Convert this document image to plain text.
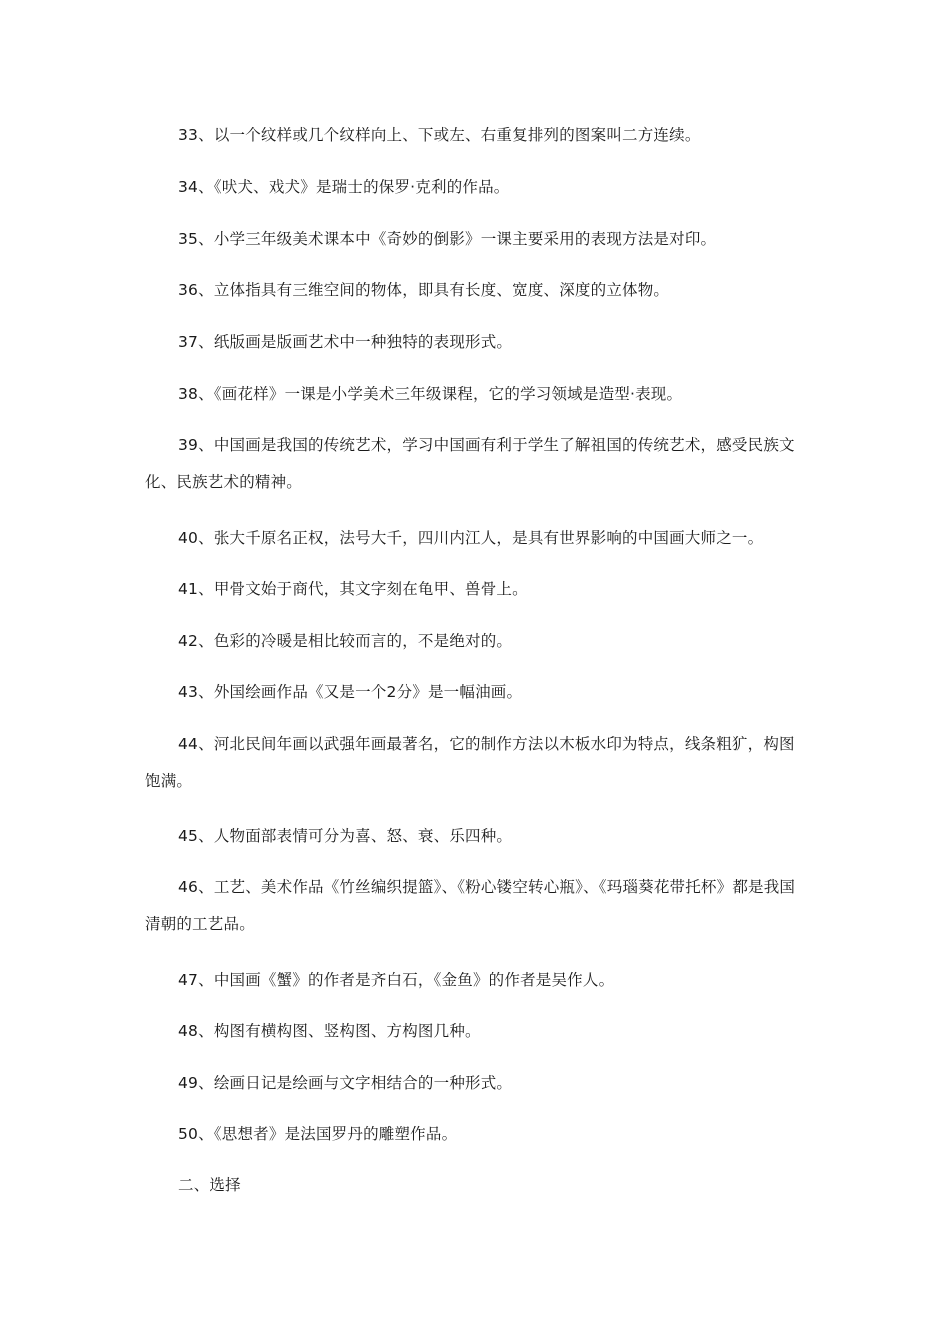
33、以一个纹样或几个纹样向上、下或左、右重复排列的图案叫二方连续。

34、《吠犬、戏犬》是瑞士的保罗·克利的作品。

35、小学三年级美术课本中《奇妙的倒影》一课主要采用的表现方法是对印。

36、立体指具有三维空间的物体，即具有长度、宽度、深度的立体物。

37、纸版画是版画艺术中一种独特的表现形式。

38、《画花样》一课是小学美术三年级课程，它的学习领域是造型·表现。

39、中国画是我国的传统艺术，学习中国画有利于学生了解祖国的传统艺术，感受民族文化、民族艺术的精神。

40、张大千原名正权，法号大千，四川内江人，是具有世界影响的中国画大师之一。

41、甲骨文始于商代，其文字刻在龟甲、兽骨上。

42、色彩的冷暖是相比较而言的，不是绝对的。

43、外国绘画作品《又是一个2分》是一幅油画。

44、河北民间年画以武强年画最著名，它的制作方法以木板水印为特点，线条粗犷，构图饱满。

45、人物面部表情可分为喜、怒、衰、乐四种。

46、工艺、美术作品《竹丝编织提篮》、《粉心镂空转心瓶》、《玛瑙葵花带托杯》都是我国清朝的工艺品。

47、中国画《蟹》的作者是齐白石，《金鱼》的作者是吴作人。

48、构图有横构图、竖构图、方构图几种。

49、绘画日记是绘画与文字相结合的一种形式。

50、《思想者》是法国罗丹的雕塑作品。

二、选择
